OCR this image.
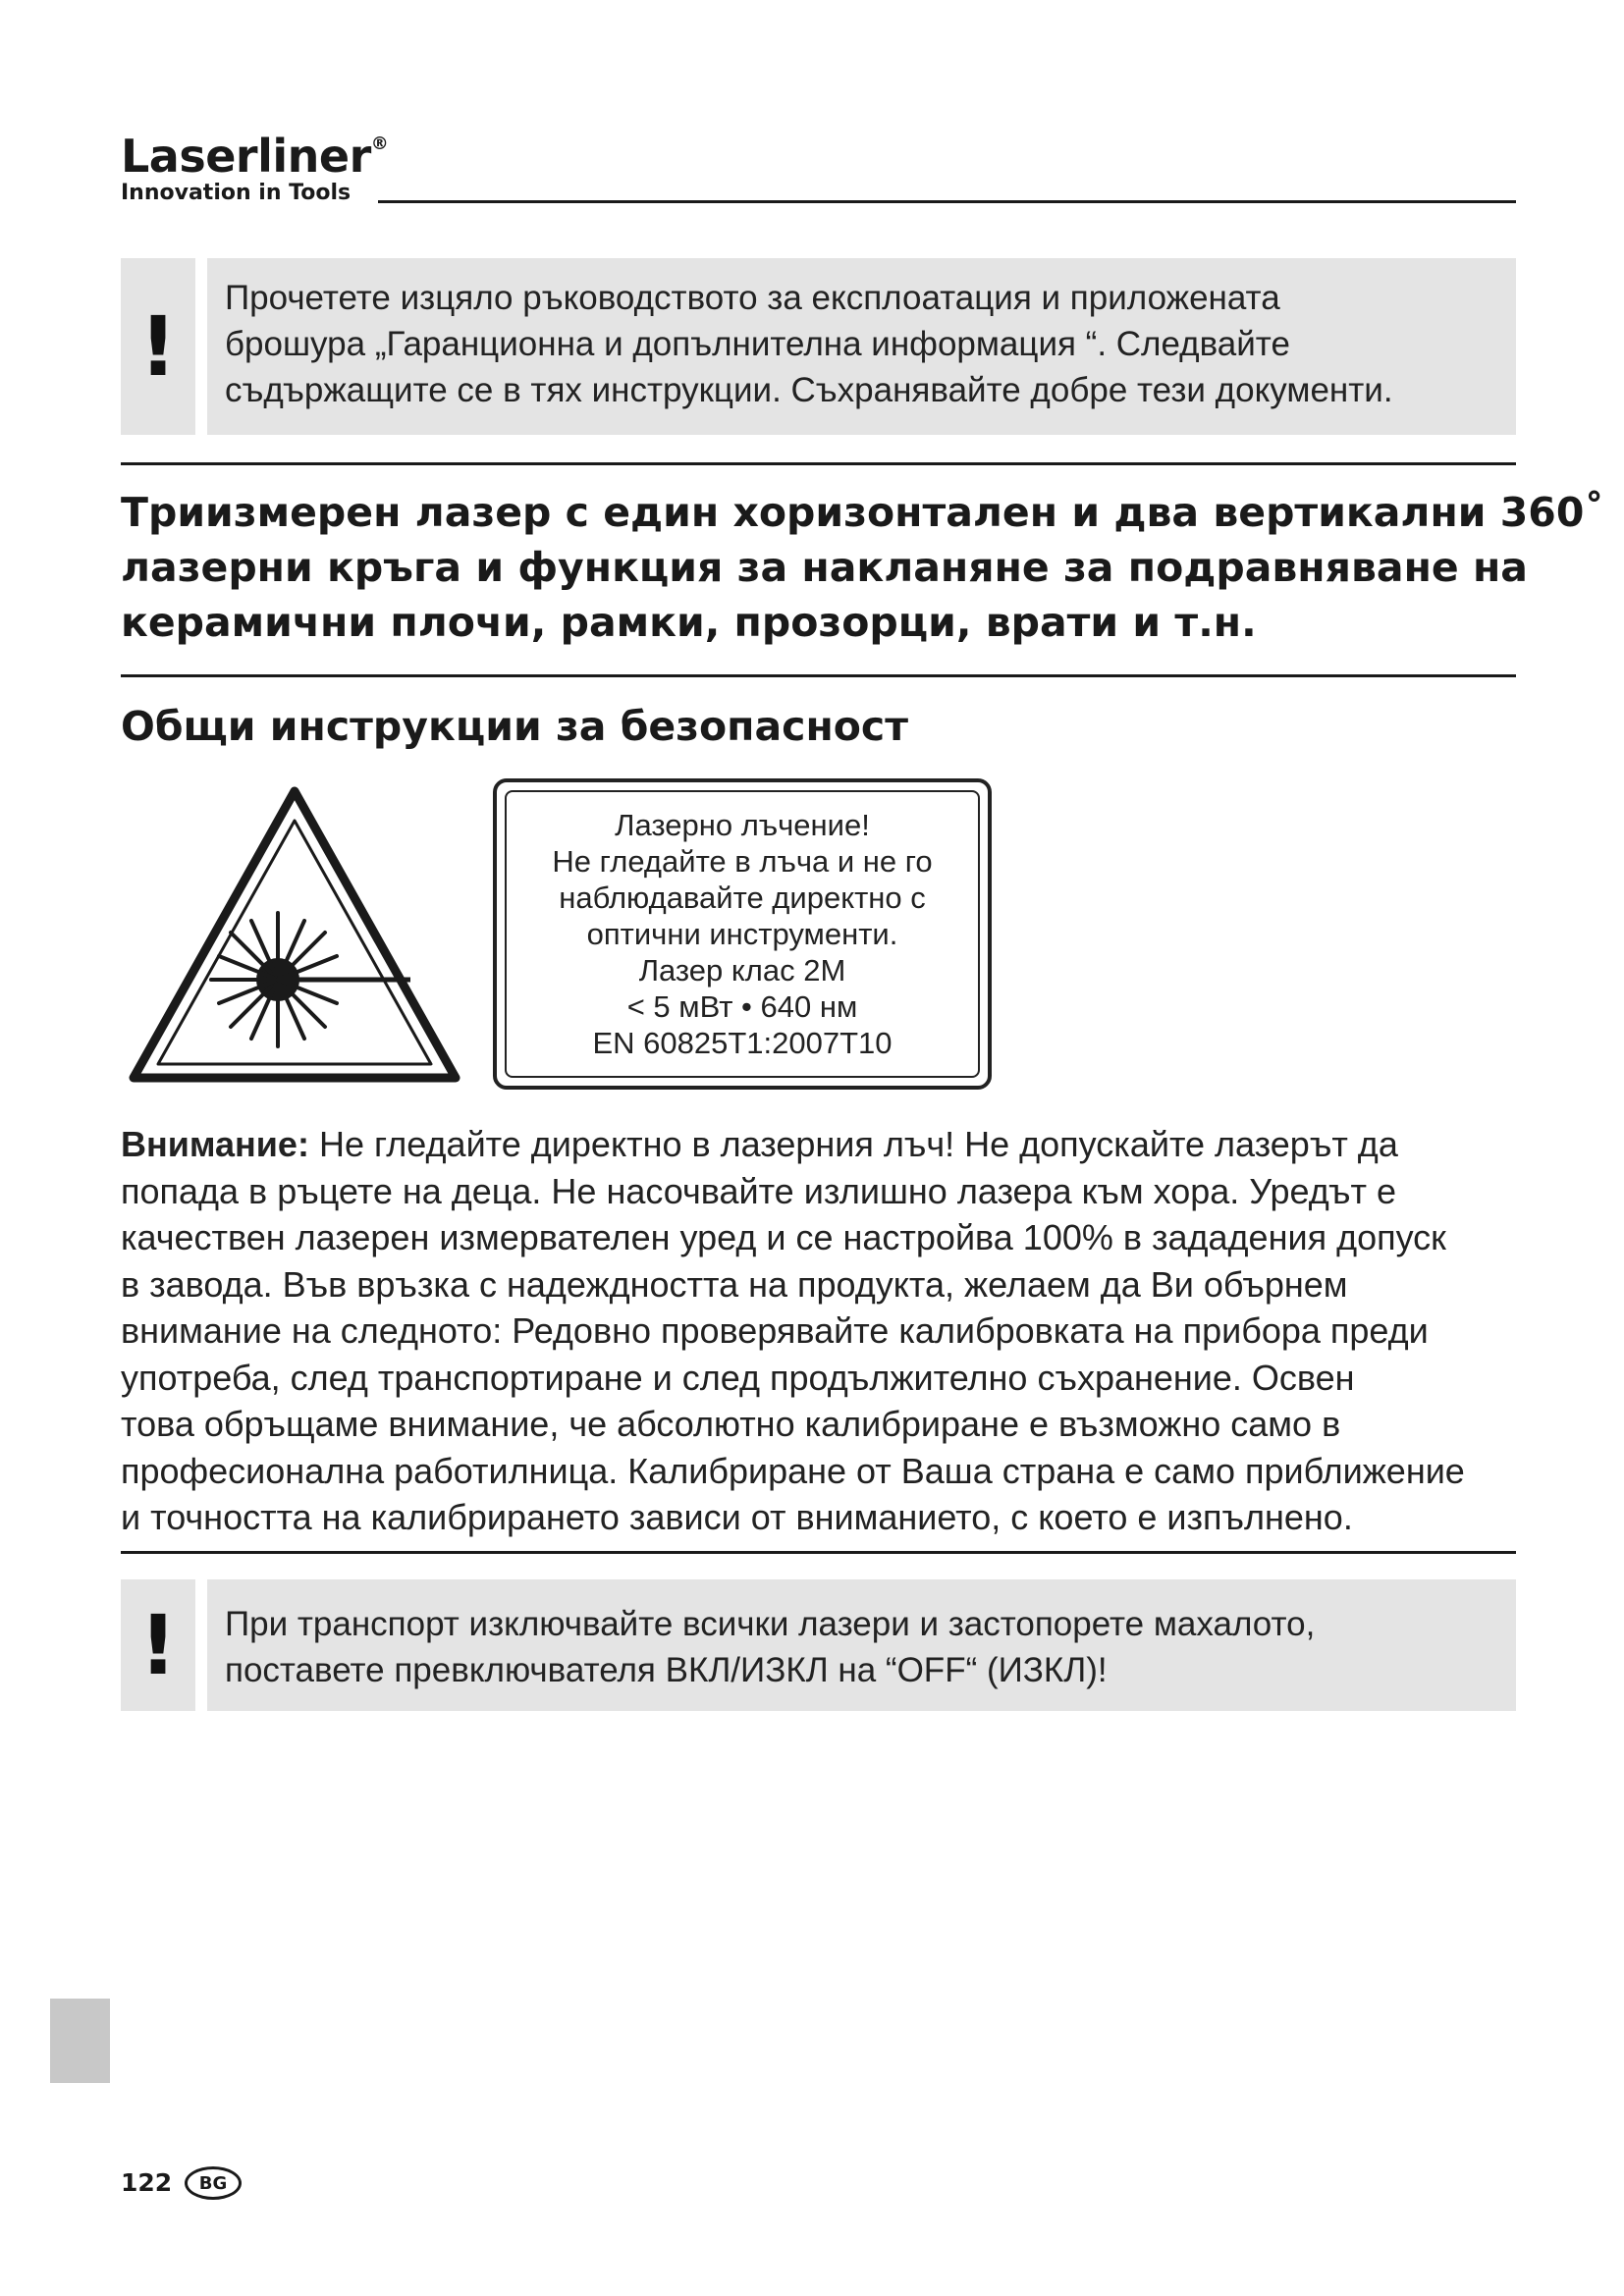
Laserliner®
Innovation in Tools
!
Прочетете изцяло ръководството за експлоатация и приложената
брошура „Гаранционна и допълнителна информация “. Следвайте
съдържащите се в тях инструкции. Съхранявайте добре тези документи.
Триизмерен лазер с един хоризонтален и два вертикални 360˚
лазерни кръга и функция за накланяне за подравняване на
керамични плочи, рамки, прозорци, врати и т.н.
Общи инструкции за безопасност
Лазерно лъчение!
Не гледайте в лъча и не го
наблюдавайте директно с
оптични инструменти.
Лазер клас 2M
< 5 мВт • 640 нм
EN 60825T1:2007T10
Внимание: Не гледайте директно в лазерния лъч! Не допускайте лазерът да
попада в ръцете на деца. Не насочвайте излишно лазера към хора. Уредът е
качествен лазерен измервателен уред и се настройва 100% в зададения допуск
в завода. Във връзка с надеждността на продукта, желаем да Ви обърнем
внимание на следното: Редовно проверявайте калибровката на прибора преди
употреба, след транспортиране и след продължително съхранение. Освен
това обръщаме внимание, че абсолютно калибриране е възможно само в
професионална работилница. Калибриране от Ваша страна е само приближение
и точността на калибрирането зависи от вниманието, с което е изпълнено.
!	При транспорт изключвайте всички лазери и застопорете махалото,
поставете превключвателя ВКЛ/ИЗКЛ на “OFF“ (ИЗКЛ)!
122	BG
